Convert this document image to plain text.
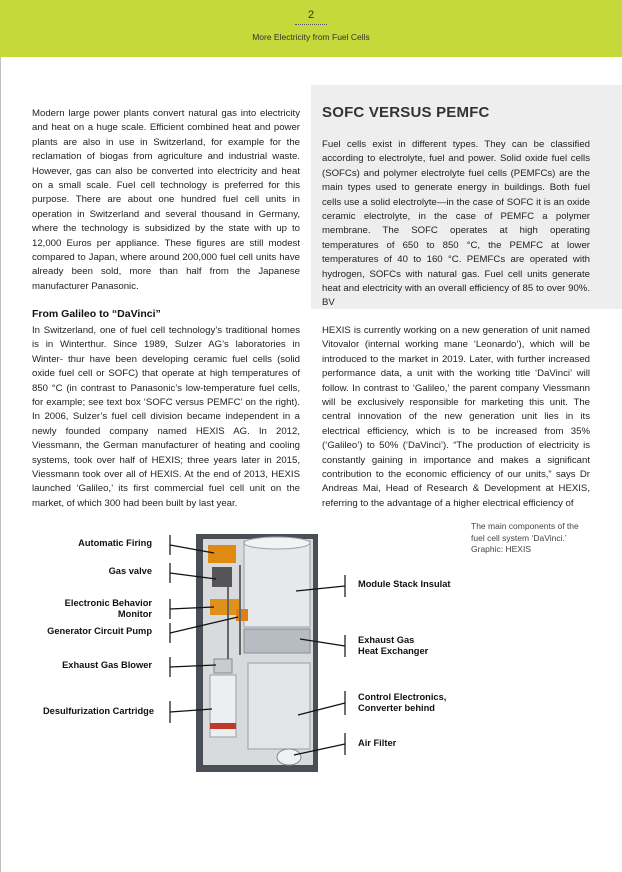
2
More Electricity from Fuel Cells
Modern large power plants convert natural gas into electricity and heat on a huge scale. Efficient combined heat and power plants are also in use in Switzerland, for example for the reclamation of biogas from agriculture and industrial waste. However, gas can also be converted into electricity and heat on a small scale. Fuel cell technology is preferred for this purpose. There are about one hundred fuel cell units in operation in Switzerland and several thousand in Germany, where the technology is subsidized by the state with up to 12,000 Euros per appliance. These figures are still modest compared to Japan, where around 200,000 fuel cell units have already been sold, more than half from the Japanese manufacturer Panasonic.
SOFC VERSUS PEMFC
Fuel cells exist in different types. They can be classified according to electrolyte, fuel and power. Solid oxide fuel cells (SOFCs) and polymer electrolyte fuel cells (PEMFCs) are the main types used to generate energy in buildings. Both fuel cells use a solid electrolyte—in the case of SOFC it is an oxide ceramic electrolyte, in the case of PEMFC a polymer membrane. The SOFC operates at high operating temperatures of 650 to 850 °C, the PEMFC at lower temperatures of 40 to 160 °C. PEMFCs are operated with hydrogen, SOFCs with natural gas. Fuel cell units generate heat and electricity with an overall efficiency of 85 to over 90%. BV
From Galileo to “DaVinci”
In Switzerland, one of fuel cell technology’s traditional homes is in Winterthur. Since 1989, Sulzer AG’s laboratories in Winter- thur have been developing ceramic fuel cells (solid oxide fuel cell or SOFC) that operate at high temperatures of 850 °C (in contrast to Panasonic’s low-temperature fuel cells, for example; see text box ‘SOFC versus PEMFC’ on the right). In 2006, Sulzer’s fuel cell division became independent in a newly founded company named HEXIS AG. In 2012, Viessmann, the German manufacturer of heating and cooling systems, took over half of HEXIS; three years later in 2015, Viessmann took over all of HEXIS. At the end of 2013, HEXIS launched ‘Galileo,’ its first commercial fuel cell unit on the market, of which 300 had been built by last year.
HEXIS is currently working on a new generation of unit named Vitovalor (internal working mane ‘Leonardo’), which will be introduced to the market in 2019. Later, with further increased performance data, a unit with the working title ‘DaVinci’ will follow. In contrast to ‘Galileo,’ the parent company Viessmann will be exclusively responsible for marketing this unit. The central innovation of the new generation unit lies in its electrical efficiency, which is to be increased from 35% (‘Galileo’) to 50% (‘DaVinci’). “The production of electricity is constantly gaining in importance and makes a significant contribution to the economic efficiency of our units,” says Dr Andreas Mai, Head of Research & Development at HEXIS, referring to the advantage of a higher electrical efficiency of
The main components of the
fuel cell system ‘DaVinci.’
Graphic: HEXIS
Automatic Firing
Gas valve
Electronic Behavior
Monitor
Generator Circuit Pump
Exhaust Gas Blower
Desulfurization Cartridge
Module Stack Insulat
Exhaust Gas
Heat Exchanger
Control Electronics,
Converter behind
Air Filter
